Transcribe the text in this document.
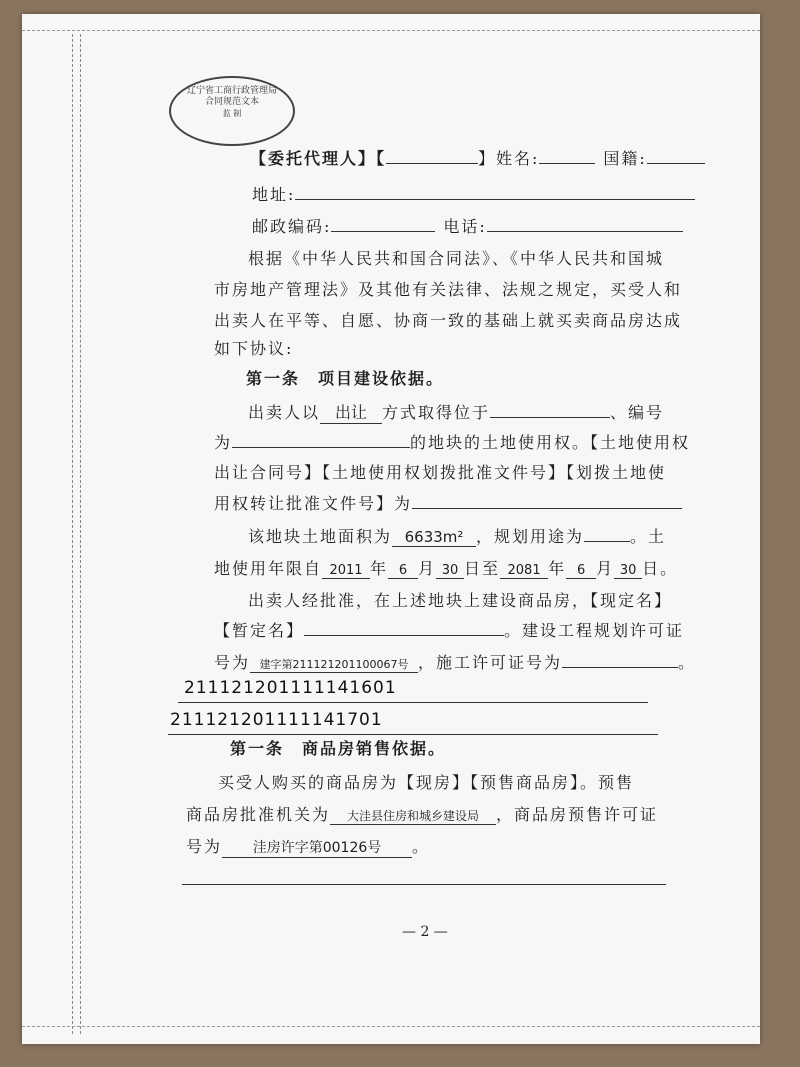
辽宁省工商行政管理局
合同规范文本
监 制
【委托代理人】【	】姓名:	国籍:
地址:
邮政编码:	电话:
根据《中华人民共和国合同法》、《中华人民共和国城
市房地产管理法》及其他有关法律、法规之规定，买受人和
出卖人在平等、自愿、协商一致的基础上就买卖商品房达成
如下协议:
第一条　项目建设依据。
出卖人以 出让 方式取得位于	、编号
为	的地块的土地使用权。【土地使用权
出让合同号】【土地使用权划拨批准文件号】【划拨土地使
用权转让批准文件号】为
该地块土地面积为 6633m² ，规划用途为	。土
地使用年限自 2011 年 6 月 30 日至 2081 年 6 月 30 日。
出卖人经批准，在上述地块上建设商品房，【现定名】
【暂定名】	。建设工程规划许可证
号为 建字第211121201100067号 ，施工许可证号为	。
211121201111141601
211121201111141701
第一条　商品房销售依据。
买受人购买的商品房为【现房】【预售商品房】。预售
商品房批准机关为 大洼县住房和城乡建设局 ，商品房预售许可证
号为 洼房许字第00126号 。
— 2 —
